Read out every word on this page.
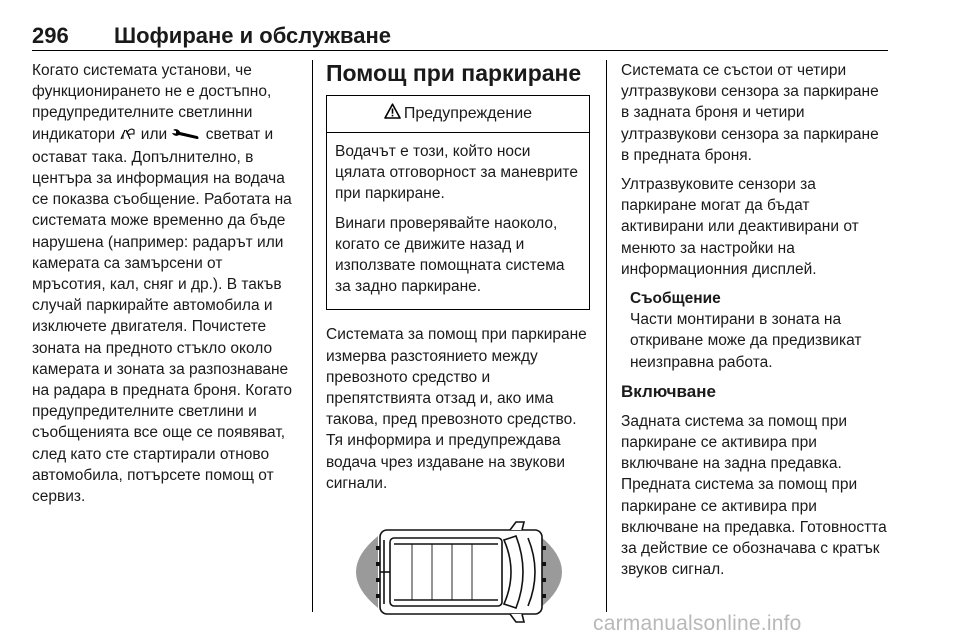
296 Шофиране и обслужване

Когато системата установи, че функционирането не е достъпно, предупредителните светлинни индикатори или светват и остават така. Допълнително, в центъра за информация на водача се показва съобщение. Работата на системата може временно да бъде нарушена (например: радарът или камерата са замърсени от мръсотия, кал, сняг и др.). В такъв случай паркирайте автомобила и изключете двигателя. Почистете зоната на предното стъкло около камерата и зоната за разпознаване на радара в предната броня. Когато предупредителните светлини и съобщенията все още се появяват, след като сте стартирали отново автомобила, потърсете помощ от сервиз.

Помощ при паркиране
Предупреждение

Водачът е този, който носи цялата отговорност за маневрите при паркиране.

Винаги проверявайте наоколо, когато се движите назад и използвате помощната система за задно паркиране.

Системата за помощ при паркиране измерва разстоянието между превозното средство и препятствията отзад и, ако има такова, пред превозното средство. Тя информира и предупреждава водача чрез издаване на звукови сигнали.

Системата се състои от четири ултразвукови сензора за паркиране в задната броня и четири ултразвукови сензора за паркиране в предната броня.

Ултразвуковите сензори за паркиране могат да бъдат активирани или деактивирани от менюто за настройки на информационния дисплей.

Съобщение
Части монтирани в зоната на откриване може да предизвикат неизправна работа.
Включване

Задната система за помощ при паркиране се активира при включване на задна предавка. Предната система за помощ при паркиране се активира при включване на предавка. Готовността за действие се обозначава с кратък звуков сигнал.

carmanualsonline.info
